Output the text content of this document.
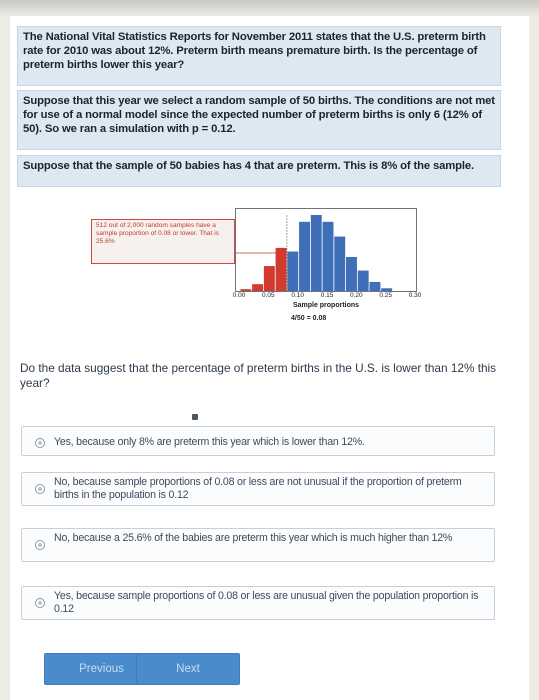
The National Vital Statistics Reports for November 2011 states that the U.S. preterm birth rate for 2010 was about 12%. Preterm birth means premature birth. Is the percentage of preterm births lower this year?
Suppose that this year we select a random sample of 50 births. The conditions are not met for use of a normal model since the expected number of preterm births is only 6 (12% of 50). So we ran a simulation with p = 0.12.
Suppose that the sample of 50 babies has 4 that are preterm. This is 8% of the sample.
512 out of 2,000 random samples have a sample proportion of 0.08 or lower. That is 25.6%
0.00	0.05	0.10	0.15	0.20	0.25	0.30
Sample proportions
4/50 = 0.08
Do the data suggest that the percentage of preterm births in the U.S. is lower than 12% this year?
Yes, because only 8% are preterm this year which is lower than 12%.
No, because sample proportions of 0.08 or less are not unusual if the proportion of preterm births in the population is 0.12
No, because a 25.6% of the babies are preterm this year which is much higher than 12%
Yes, because sample proportions of 0.08 or less are unusual given the population proportion is 0.12
Previous	Next
